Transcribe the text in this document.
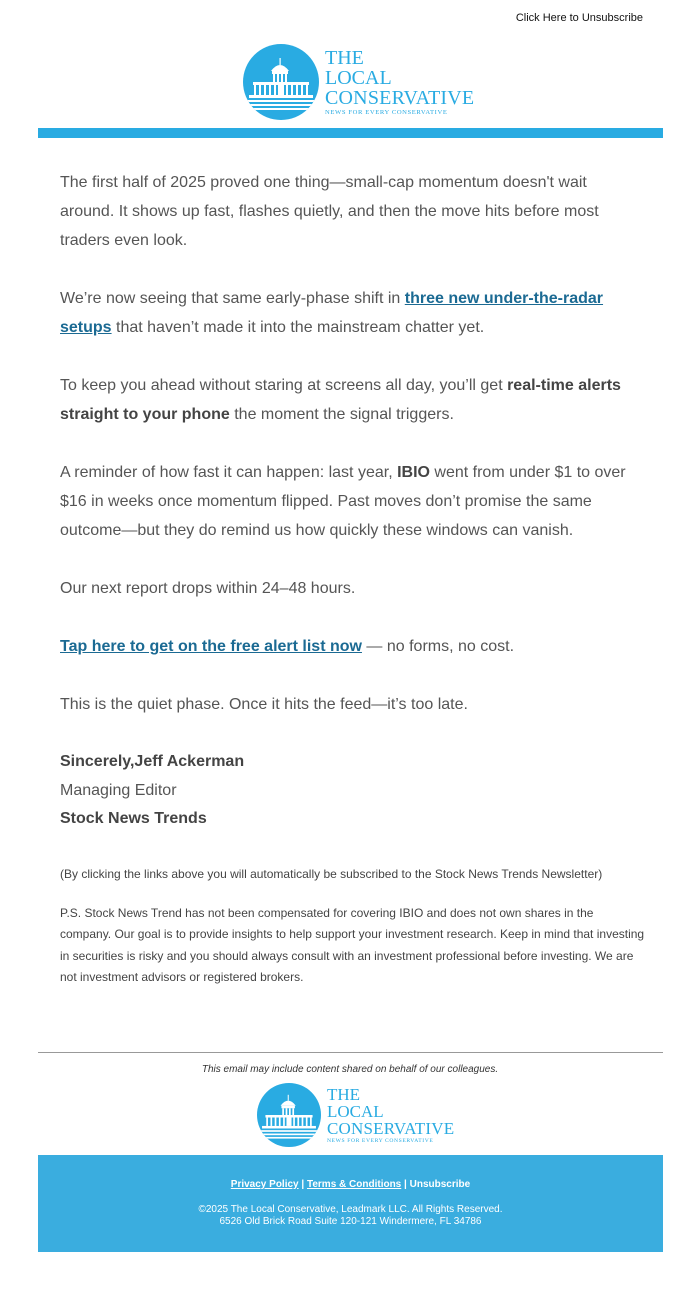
Click Here to Unsubscribe
THE
LOCAL
CONSERVATIVE
NEWS FOR EVERY CONSERVATIVE

The first half of 2025 proved one thing—small-cap momentum doesn't wait around. It shows up fast, flashes quietly, and then the move hits before most traders even look.

We’re now seeing that same early-phase shift in three new under-the-radar setups that haven’t made it into the mainstream chatter yet.

To keep you ahead without staring at screens all day, you’ll get real-time alerts straight to your phone the moment the signal triggers.

A reminder of how fast it can happen: last year, IBIO went from under $1 to over $16 in weeks once momentum flipped. Past moves don’t promise the same outcome—but they do remind us how quickly these windows can vanish.

Our next report drops within 24–48 hours.

Tap here to get on the free alert list now — no forms, no cost.

This is the quiet phase. Once it hits the feed—it’s too late.

Sincerely,Jeff Ackerman
Managing Editor
Stock News Trends
(By clicking the links above you will automatically be subscribed to the Stock News Trends Newsletter)
P.S. Stock News Trend has not been compensated for covering IBIO and does not own shares in the company. Our goal is to provide insights to help support your investment research. Keep in mind that investing in securities is risky and you should always consult with an investment professional before investing. We are not investment advisors or registered brokers.
This email may include content shared on behalf of our colleagues.
THE
LOCAL
CONSERVATIVE
NEWS FOR EVERY CONSERVATIVE
Privacy Policy | Terms & Conditions | Unsubscribe
©2025 The Local Conservative, Leadmark LLC. All Rights Reserved.
6526 Old Brick Road Suite 120-121 Windermere, FL 34786
